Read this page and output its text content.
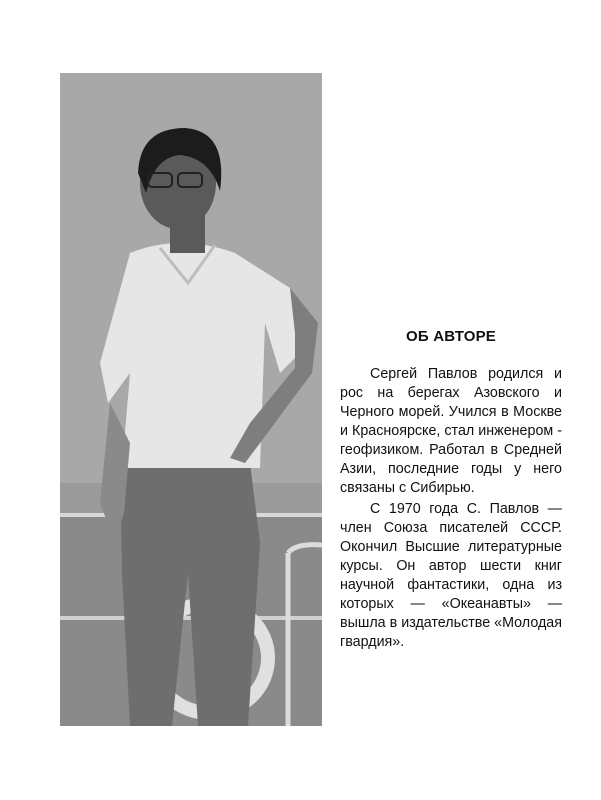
ОБ АВТОРЕ

Сергей Павлов родился и рос на берегах Азовского и Черного морей. Учился в Москве и Красноярске, стал инженером - геофизиком. Работал в Средней Азии, последние годы у него связаны с Сибирью.

С 1970 года С. Павлов — член Союза писателей СССР. Окончил Высшие литературные курсы. Он автор шести книг научной фантастики, одна из которых — «Океанавты» — вышла в издательстве «Молодая гвардия».
